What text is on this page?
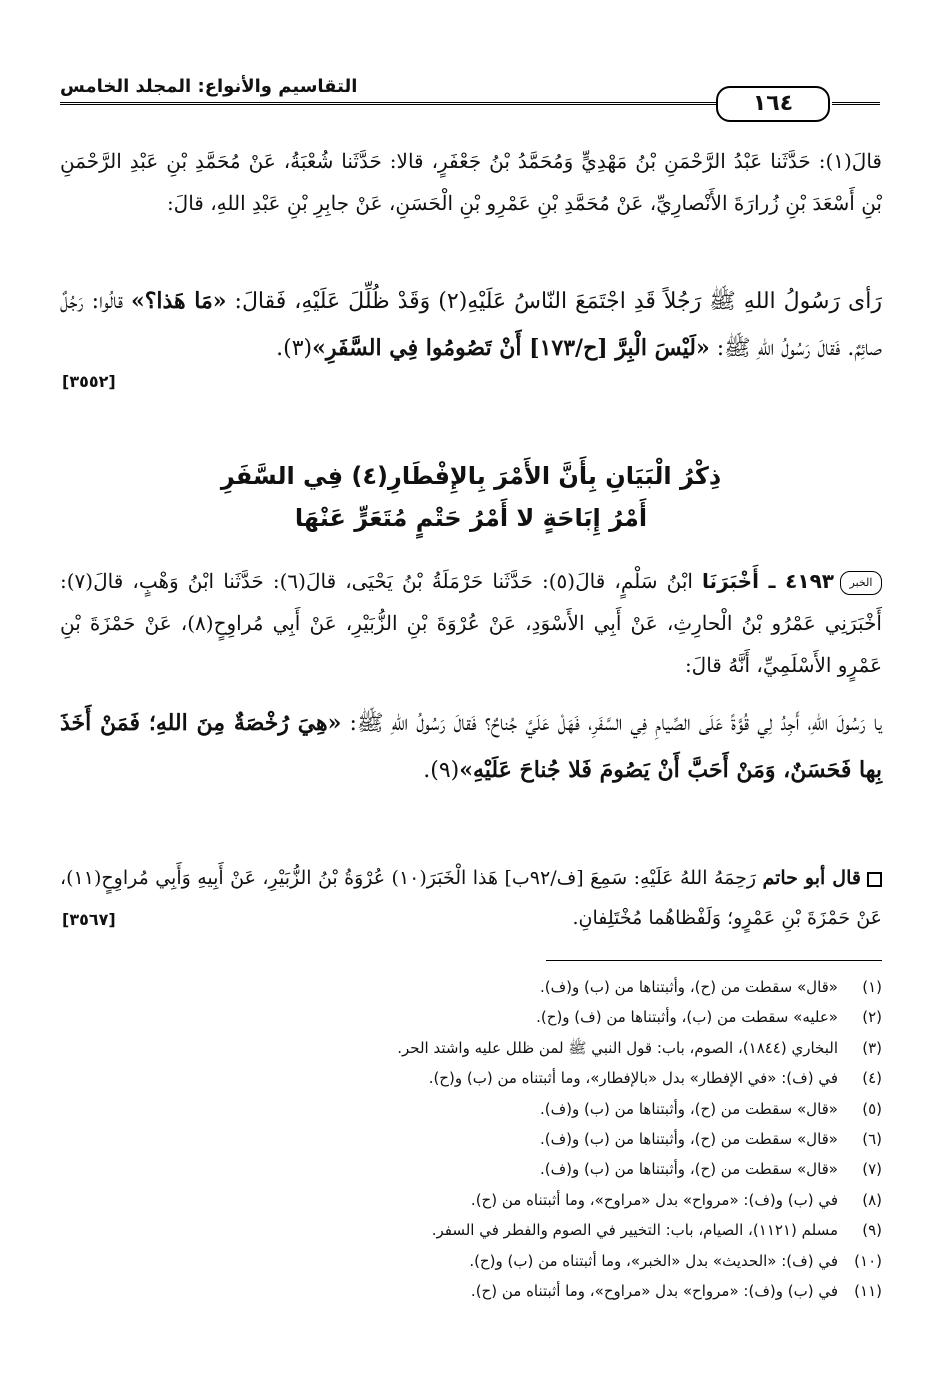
التقاسيم والأنواع: المجلد الخامس
١٦٤
قالَ(١): حَدَّثَنا عَبْدُ الرَّحْمَنِ بْنُ مَهْدِيٍّ وَمُحَمَّدُ بْنُ جَعْفَرٍ، قالا: حَدَّثَنا شُعْبَةُ، عَنْ مُحَمَّدِ بْنِ عَبْدِ الرَّحْمَنِ بْنِ أَسْعَدَ بْنِ زُرارَةَ الأَنْصارِيِّ، عَنْ مُحَمَّدِ بْنِ عَمْرِو بْنِ الْحَسَنِ، عَنْ جابِرِ بْنِ عَبْدِ اللهِ، قالَ:
رَأى رَسُولُ اللهِ ﷺ رَجُلاً قَدِ اجْتَمَعَ النّاسُ عَلَيْهِ(٢) وَقَدْ ظُلِّلَ عَلَيْهِ، فَقالَ: «مَا هَذا؟» قالُوا: رَجُلٌ صائِمٌ. فَقالَ رَسُولُ اللهِ ﷺ: «لَيْسَ الْبِرَّ [ح/١٧٣] أَنْ تَصُومُوا فِي السَّفَرِ»(٣).
[٣٥٥٢]
ذِكْرُ الْبَيَانِ بِأَنَّ الأَمْرَ بِالإِفْطَارِ(٤) فِي السَّفَرِ
أَمْرُ إِبَاحَةٍ لا أَمْرُ حَتْمٍ مُتَعَرٍّ عَنْهَا
الخبر٤١٩٣ ـ أَخْبَرَنَا ابْنُ سَلْمٍ، قالَ(٥): حَدَّثَنا حَرْمَلَةُ بْنُ يَحْيَى، قالَ(٦): حَدَّثَنا ابْنُ وَهْبٍ، قالَ(٧): أَخْبَرَنِي عَمْرُو بْنُ الْحارِثِ، عَنْ أَبِي الأَسْوَدِ، عَنْ عُرْوَةَ بْنِ الزُّبَيْرِ، عَنْ أَبِي مُراوِحٍ(٨)، عَنْ حَمْزَةَ بْنِ عَمْرٍو الأَسْلَمِيِّ، أَنَّهُ قالَ:
يا رَسُولَ اللهِ، أَجِدُ لِي قُوَّةً عَلَى الصِّيامِ فِي السَّفَرِ، فَهَلْ عَلَيَّ جُناحٌ؟ فَقالَ رَسُولُ اللهِ ﷺ: «هِيَ رُخْصَةٌ مِنَ اللهِ؛ فَمَنْ أَخَذَ بِها فَحَسَنٌ، وَمَنْ أَحَبَّ أَنْ يَصُومَ فَلا جُناحَ عَلَيْهِ»(٩).
قال أبو حاتم رَحِمَهُ اللهُ عَلَيْهِ: سَمِعَ [ف/٩٢ب] هَذا الْخَبَرَ(١٠) عُرْوَةُ بْنُ الزُّبَيْرِ، عَنْ أَبِيهِ وَأَبِي مُراوِحٍ(١١)، عَنْ حَمْزَةَ بْنِ عَمْرٍو؛ وَلَفْظاهُما مُخْتَلِفانِ.
[٣٥٦٧]
(١)«قال» سقطت من (ح)، وأثبتناها من (ب) و(ف).
(٢)«عليه» سقطت من (ب)، وأثبتناها من (ف) و(ح).
(٣)البخاري (١٨٤٤)، الصوم، باب: قول النبي ﷺ لمن ظلل عليه واشتد الحر.
(٤)في (ف): «في الإفطار» بدل «بالإفطار»، وما أثبتناه من (ب) و(ح).
(٥)«قال» سقطت من (ح)، وأثبتناها من (ب) و(ف).
(٦)«قال» سقطت من (ح)، وأثبتناها من (ب) و(ف).
(٧)«قال» سقطت من (ح)، وأثبتناها من (ب) و(ف).
(٨)في (ب) و(ف): «مرواح» بدل «مراوح»، وما أثبتناه من (ح).
(٩)مسلم (١١٢١)، الصيام، باب: التخيير في الصوم والفطر في السفر.
(١٠)في (ف): «الحديث» بدل «الخبر»، وما أثبتناه من (ب) و(ح).
(١١)في (ب) و(ف): «مرواح» بدل «مراوح»، وما أثبتناه من (ح).
